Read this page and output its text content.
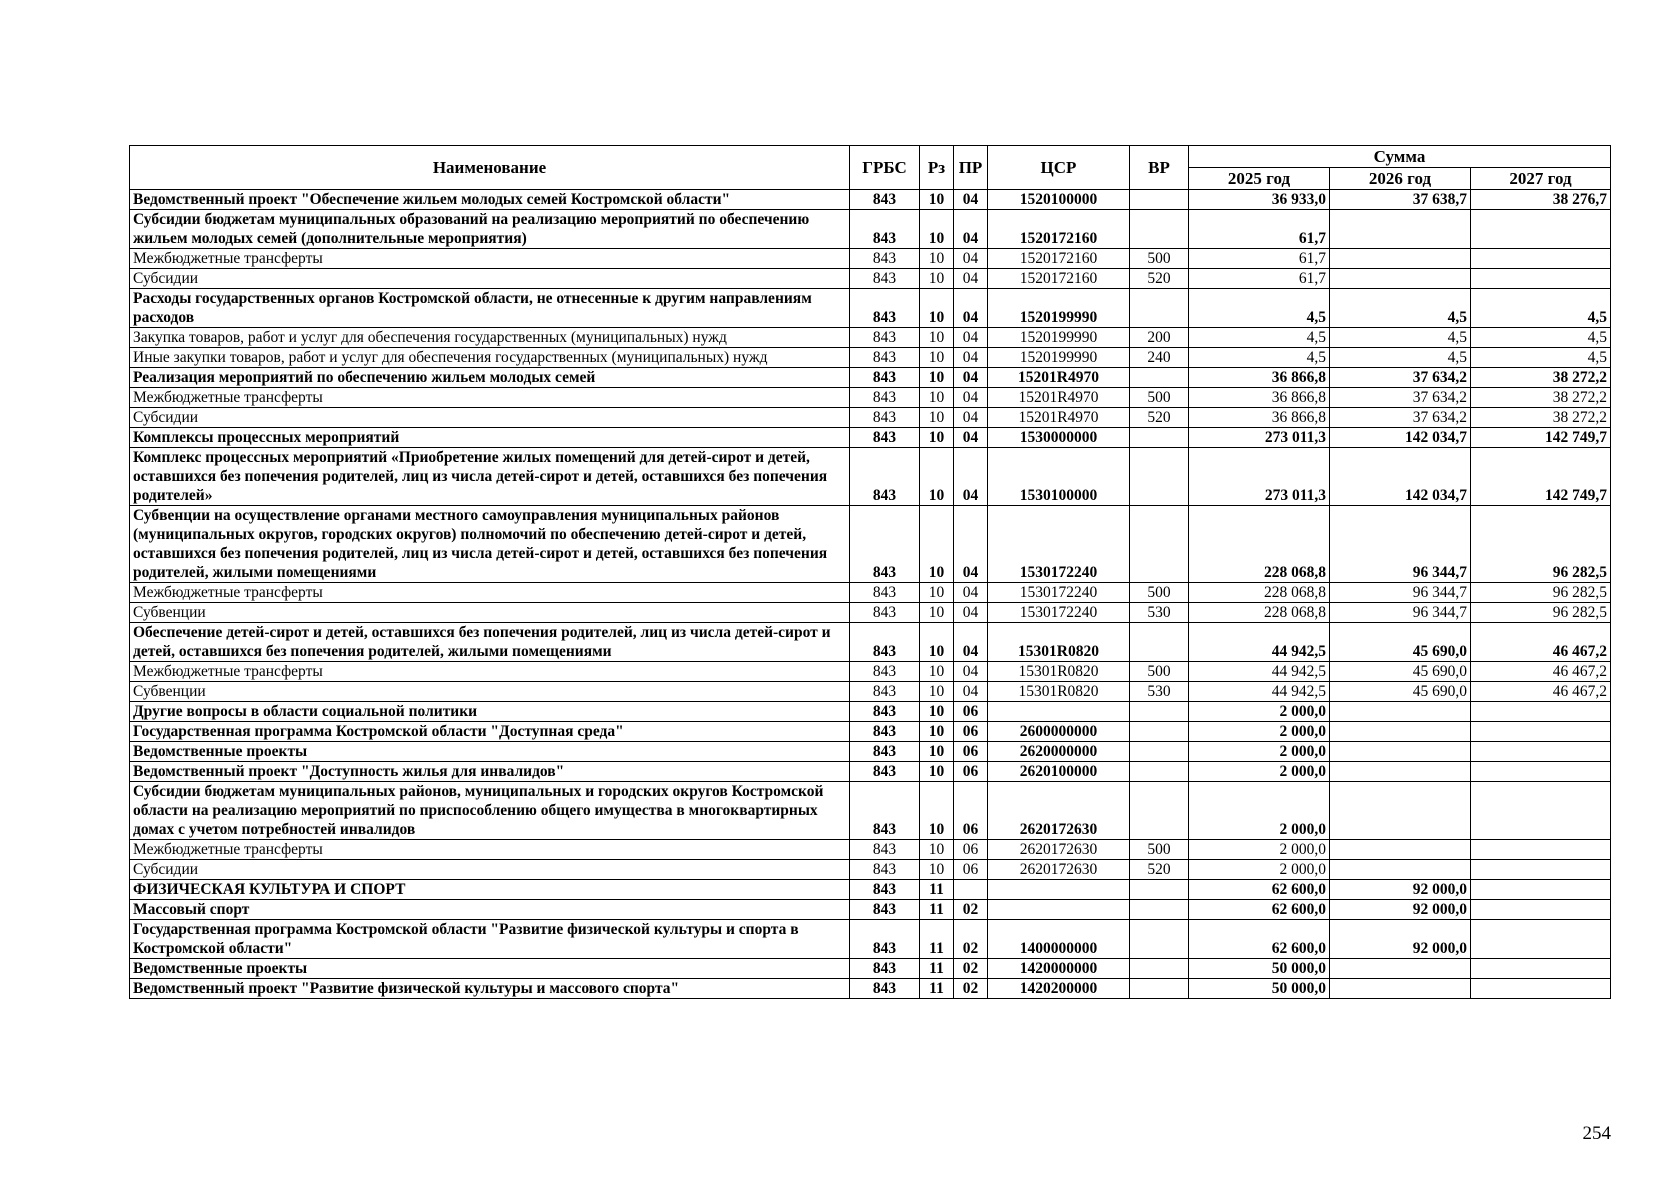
Наименование	ГРБС	Рз	ПР	ЦСР	ВР	Сумма		
						2025 год	2026 год	2027 год
Ведомственный проект "Обеспечение жильем молодых семей Костромской области"	843	10	04	1520100000		36 933,0	37 638,7	38 276,7
Субсидии бюджетам муниципальных образований на реализацию мероприятий по обеспечению жильем молодых семей (дополнительные мероприятия)	843	10	04	1520172160		61,7		
Межбюджетные трансферты	843	10	04	1520172160	500	61,7		
Субсидии	843	10	04	1520172160	520	61,7		
Расходы государственных органов Костромской области, не отнесенные к другим направлениям расходов	843	10	04	1520199990		4,5	4,5	4,5
Закупка товаров, работ и услуг для обеспечения государственных (муниципальных) нужд	843	10	04	1520199990	200	4,5	4,5	4,5
Иные закупки товаров, работ и услуг для обеспечения государственных (муниципальных) нужд	843	10	04	1520199990	240	4,5	4,5	4,5
Реализация мероприятий по обеспечению жильем молодых семей	843	10	04	15201R4970		36 866,8	37 634,2	38 272,2
Межбюджетные трансферты	843	10	04	15201R4970	500	36 866,8	37 634,2	38 272,2
Субсидии	843	10	04	15201R4970	520	36 866,8	37 634,2	38 272,2
Комплексы процессных мероприятий	843	10	04	1530000000		273 011,3	142 034,7	142 749,7
Комплекс процессных мероприятий «Приобретение жилых помещений для детей-сирот и детей, оставшихся без попечения родителей, лиц из числа детей-сирот и детей, оставшихся без попечения родителей»	843	10	04	1530100000		273 011,3	142 034,7	142 749,7
Субвенции на осуществление органами местного самоуправления муниципальных районов (муниципальных округов, городских округов) полномочий по обеспечению детей-сирот и детей, оставшихся без попечения родителей, лиц из числа детей-сирот и детей, оставшихся без попечения родителей, жилыми помещениями	843	10	04	1530172240		228 068,8	96 344,7	96 282,5
Межбюджетные трансферты	843	10	04	1530172240	500	228 068,8	96 344,7	96 282,5
Субвенции	843	10	04	1530172240	530	228 068,8	96 344,7	96 282,5
Обеспечение детей-сирот и детей, оставшихся без попечения родителей, лиц из числа детей-сирот и детей, оставшихся без попечения родителей, жилыми помещениями	843	10	04	15301R0820		44 942,5	45 690,0	46 467,2
Межбюджетные трансферты	843	10	04	15301R0820	500	44 942,5	45 690,0	46 467,2
Субвенции	843	10	04	15301R0820	530	44 942,5	45 690,0	46 467,2
Другие вопросы в области социальной политики	843	10	06			2 000,0		
Государственная программа Костромской области "Доступная среда"	843	10	06	2600000000		2 000,0		
Ведомственные проекты	843	10	06	2620000000		2 000,0		
Ведомственный проект "Доступность жилья для инвалидов"	843	10	06	2620100000		2 000,0		
Субсидии бюджетам муниципальных районов, муниципальных и городских округов Костромской области на реализацию мероприятий по приспособлению общего имущества в многоквартирных домах с учетом потребностей инвалидов	843	10	06	2620172630		2 000,0		
Межбюджетные трансферты	843	10	06	2620172630	500	2 000,0		
Субсидии	843	10	06	2620172630	520	2 000,0		
ФИЗИЧЕСКАЯ КУЛЬТУРА И СПОРТ	843	11				62 600,0	92 000,0	
Массовый спорт	843	11	02			62 600,0	92 000,0	
Государственная программа Костромской области "Развитие физической культуры и спорта в Костромской области"	843	11	02	1400000000		62 600,0	92 000,0	
Ведомственные проекты	843	11	02	1420000000		50 000,0		
Ведомственный проект "Развитие физической культуры и массового спорта"	843	11	02	1420200000		50 000,0		
254
